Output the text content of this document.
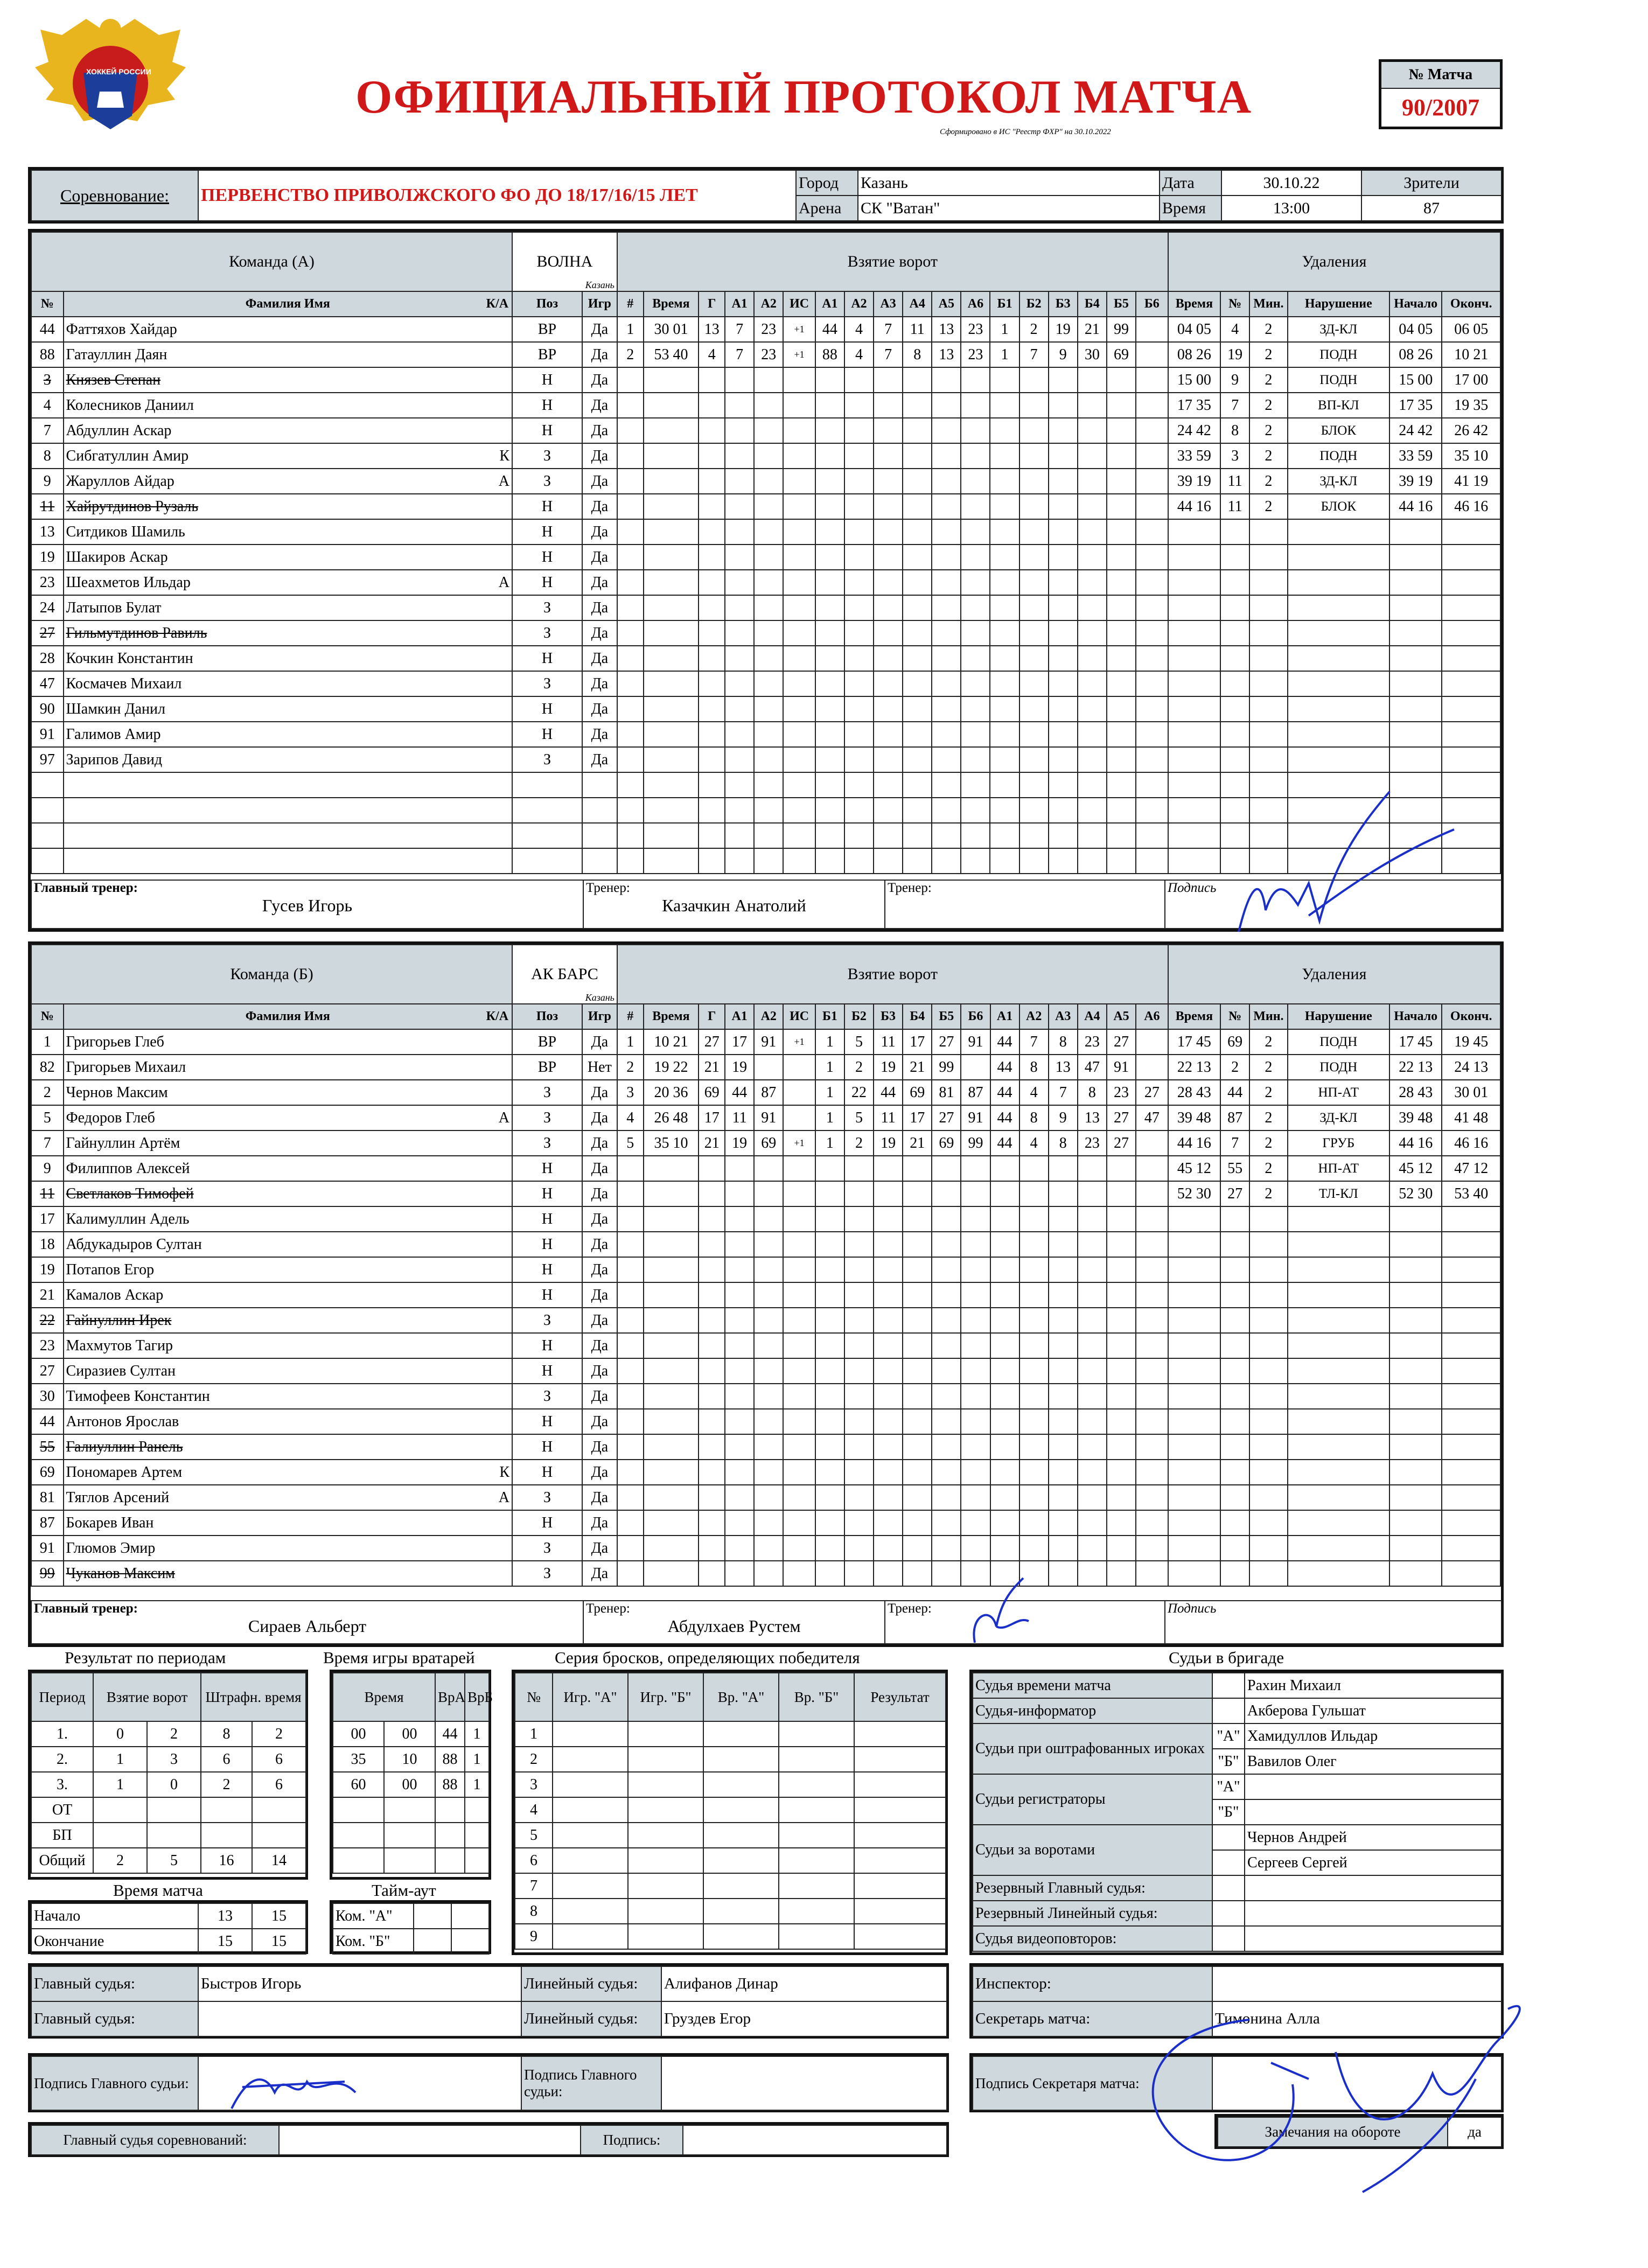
ХОККЕЙ РОССИИ	ОФИЦИАЛЬНЫЙ ПРОТОКОЛ МАТЧА
Сформировано в ИС "Реестр ФХР" на 30.10.2022
№ Матча
90/2007
Соревнование:	ПЕРВЕНСТВО ПРИВОЛЖСКОГО ФО ДО 18/17/16/15 ЛЕТ	Город	Казань	Дата	30.10.22	Зрители
		Арена	СК "Ватан"	Время	13:00	87
Команда (А)		ВОЛНА
Казань		Взятие ворот																		Удаления					
№	Фамилия Имя К/А	Поз	Игр	#	Время	Г	А1	А2	ИС	А1	А2	А3	А4	А5	А6	Б1	Б2	Б3	Б4	Б5	Б6	Время	№	Мин.	Нарушение	Начало	Оконч.
44	Фаттяхов Хайдар	ВР	Да	1	30 01	13	7	23	+1	44	4	7	11	13	23	1	2	19	21	99		04 05	4	2	ЗД-КЛ	04 05	06 05
88	Гатауллин Даян	ВР	Да	2	53 40	4	7	23	+1	88	4	7	8	13	23	1	7	9	30	69		08 26	19	2	ПОДН	08 26	10 21
3	Князев Степан	Н	Да																			15 00	9	2	ПОДН	15 00	17 00
4	Колесников Даниил	Н	Да																			17 35	7	2	ВП-КЛ	17 35	19 35
7	Абдуллин Аскар	Н	Да																			24 42	8	2	БЛОК	24 42	26 42
8	Сибгатуллин Амир К	З	Да																			33 59	3	2	ПОДН	33 59	35 10
9	Жаруллов Айдар А	З	Да																			39 19	11	2	ЗД-КЛ	39 19	41 19
11	Хайрутдинов Рузаль	Н	Да																			44 16	11	2	БЛОК	44 16	46 16
13	Ситдиков Шамиль	Н	Да																								
19	Шакиров Аскар	Н	Да																								
23	Шеахметов Ильдар А	Н	Да																								
24	Латыпов Булат	З	Да																								
27	Гильмутдинов Равиль	З	Да																								
28	Кочкин Константин	Н	Да																								
47	Космачев Михаил	З	Да																								
90	Шамкин Данил	Н	Да																								
91	Галимов Амир	Н	Да																								
97	Зарипов Давид	З	Да																								

Главный тренер:
Гусев Игорь

Тренер:
Казачкин Анатолий

Тренер:	Подпись
Команда (Б)		АК БАРС
Казань		Взятие ворот																		Удаления					
№	Фамилия Имя К/А	Поз	Игр	#	Время	Г	А1	А2	ИС	Б1	Б2	Б3	Б4	Б5	Б6	А1	А2	А3	А4	А5	А6	Время	№	Мин.	Нарушение	Начало	Оконч.
1	Григорьев Глеб	ВР	Да	1	10 21	27	17	91	+1	1	5	11	17	27	91	44	7	8	23	27		17 45	69	2	ПОДН	17 45	19 45
82	Григорьев Михаил	ВР	Нет	2	19 22	21	19			1	2	19	21	99		44	8	13	47	91		22 13	2	2	ПОДН	22 13	24 13
2	Чернов Максим	З	Да	3	20 36	69	44	87		1	22	44	69	81	87	44	4	7	8	23	27	28 43	44	2	НП-АТ	28 43	30 01
5	Федоров Глеб А	З	Да	4	26 48	17	11	91		1	5	11	17	27	91	44	8	9	13	27	47	39 48	87	2	ЗД-КЛ	39 48	41 48
7	Гайнуллин Артём	З	Да	5	35 10	21	19	69	+1	1	2	19	21	69	99	44	4	8	23	27		44 16	7	2	ГРУБ	44 16	46 16
9	Филиппов Алексей	Н	Да																			45 12	55	2	НП-АТ	45 12	47 12
11	Светлаков Тимофей	Н	Да																			52 30	27	2	ТЛ-КЛ	52 30	53 40
17	Калимуллин Адель	Н	Да																								
18	Абдукадыров Султан	Н	Да																								
19	Потапов Егор	Н	Да																								
21	Камалов Аскар	Н	Да																								
22	Гайнуллин Ирек	З	Да																								
23	Махмутов Тагир	Н	Да																								
27	Сиразиев Султан	Н	Да																								
30	Тимофеев Константин	З	Да																								
44	Антонов Ярослав	Н	Да																								
55	Галиуллин Ранель	Н	Да																								
69	Пономарев Артем К	Н	Да																								
81	Тяглов Арсений А	З	Да																								
87	Бокарев Иван	Н	Да																								
91	Глюмов Эмир	З	Да																								
99	Чуканов Максим	З	Да																								
Главный тренер:
Сираев Альберт

Тренер:
Абдулхаев Рустем

Тренер:	Подпись
Результат по периодам
Период	Взятие ворот		Штрафн. время	
1.	0	2	8	2
2.	1	3	6	6
3.	1	0	2	6
ОТ				
БП				
Общий	2	5	16	14
Время игры вратарей
Время		ВрА	ВрБ
00	00	44	1
35	10	88	1
60	00	88	1

Серия бросков, определяющих победителя
№	Игр. "А"	Игр. "Б"	Вр. "А"	Вр. "Б"	Результат
1					
2					
3					
4					
5					
6					
7					
8					
9					
Время матча
Начало	13	15
Окончание	15	15
Тайм-аут
Ком. "А"		
Ком. "Б"		
Судьи в бригаде
Судья времени матча		Рахин Михаил
Судья-информатор		Акберова Гульшат
Судьи при оштрафованных игроках	"А"	Хамидуллов Ильдар
	"Б"	Вавилов Олег
Судьи регистраторы	"А"	
	"Б"	
Судьи за воротами		Чернов Андрей
		Сергеев Сергей
Резервный Главный судья:		
Резервный Линейный судья:		
Судья видеоповторов:		
Главный судья:	Быстров Игорь	Линейный судья:	Алифанов Динар
Главный судья:		Линейный судья:	Груздев Егор
Инспектор:	
Секретарь матча:	Тимонина Алла
Подпись Главного судьи:		Подпись Главного судьи:	
Подпись Секретаря матча:	
Главный судья соревнований:		Подпись:		Замечания на обороте	да
